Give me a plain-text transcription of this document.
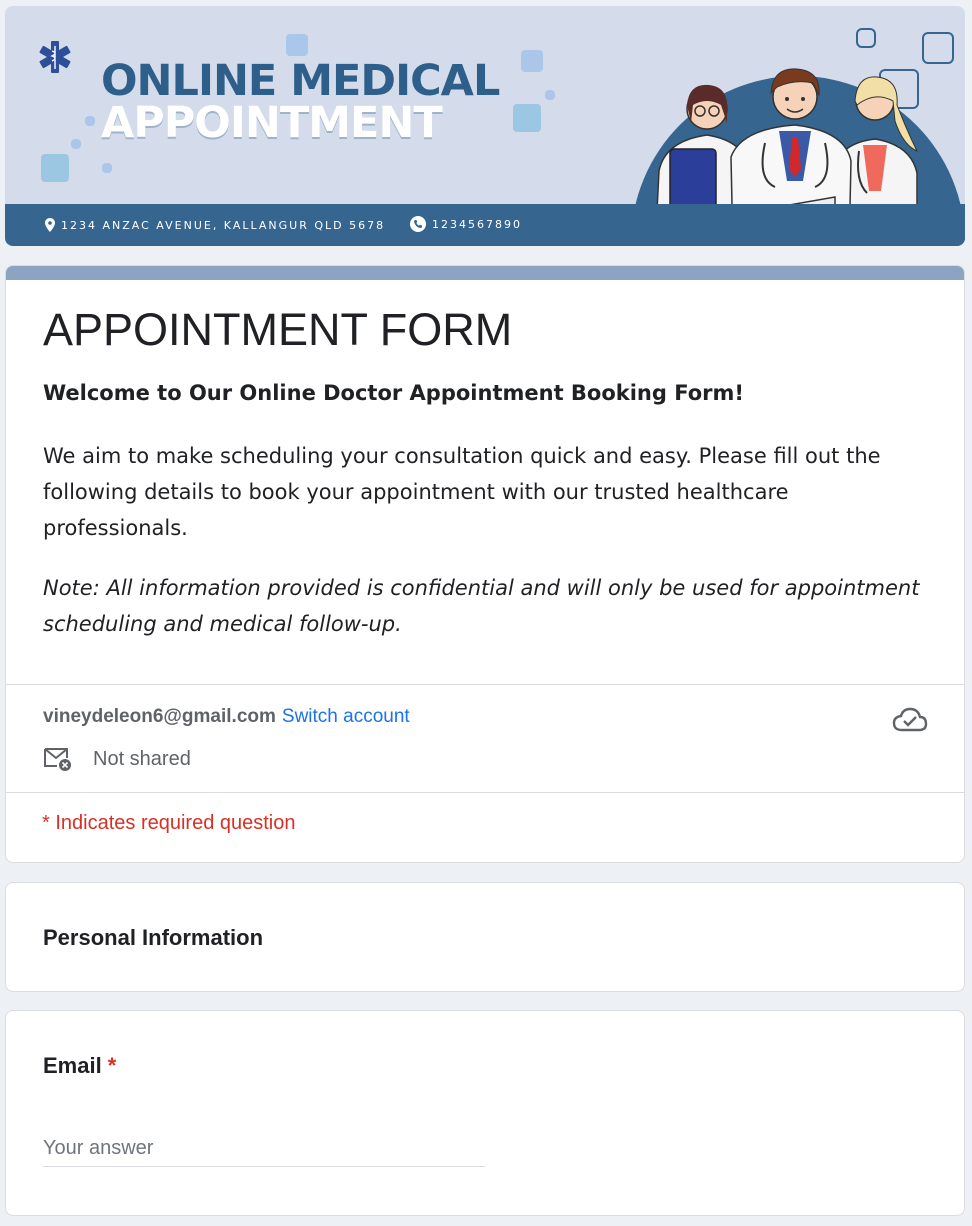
ONLINE MEDICAL
APPOINTMENT
1234 ANZAC AVENUE, KALLANGUR QLD 5678	1234567890
APPOINTMENT FORM
Welcome to Our Online Doctor Appointment Booking Form!

We aim to make scheduling your consultation quick and easy. Please fill out the following details to book your appointment with our trusted healthcare professionals.

Note: All information provided is confidential and will only be used for appointment scheduling and medical follow-up.

vineydeleon6@gmail.com Switch account
Not shared
* Indicates required question
Personal Information
Email *
Your answer
